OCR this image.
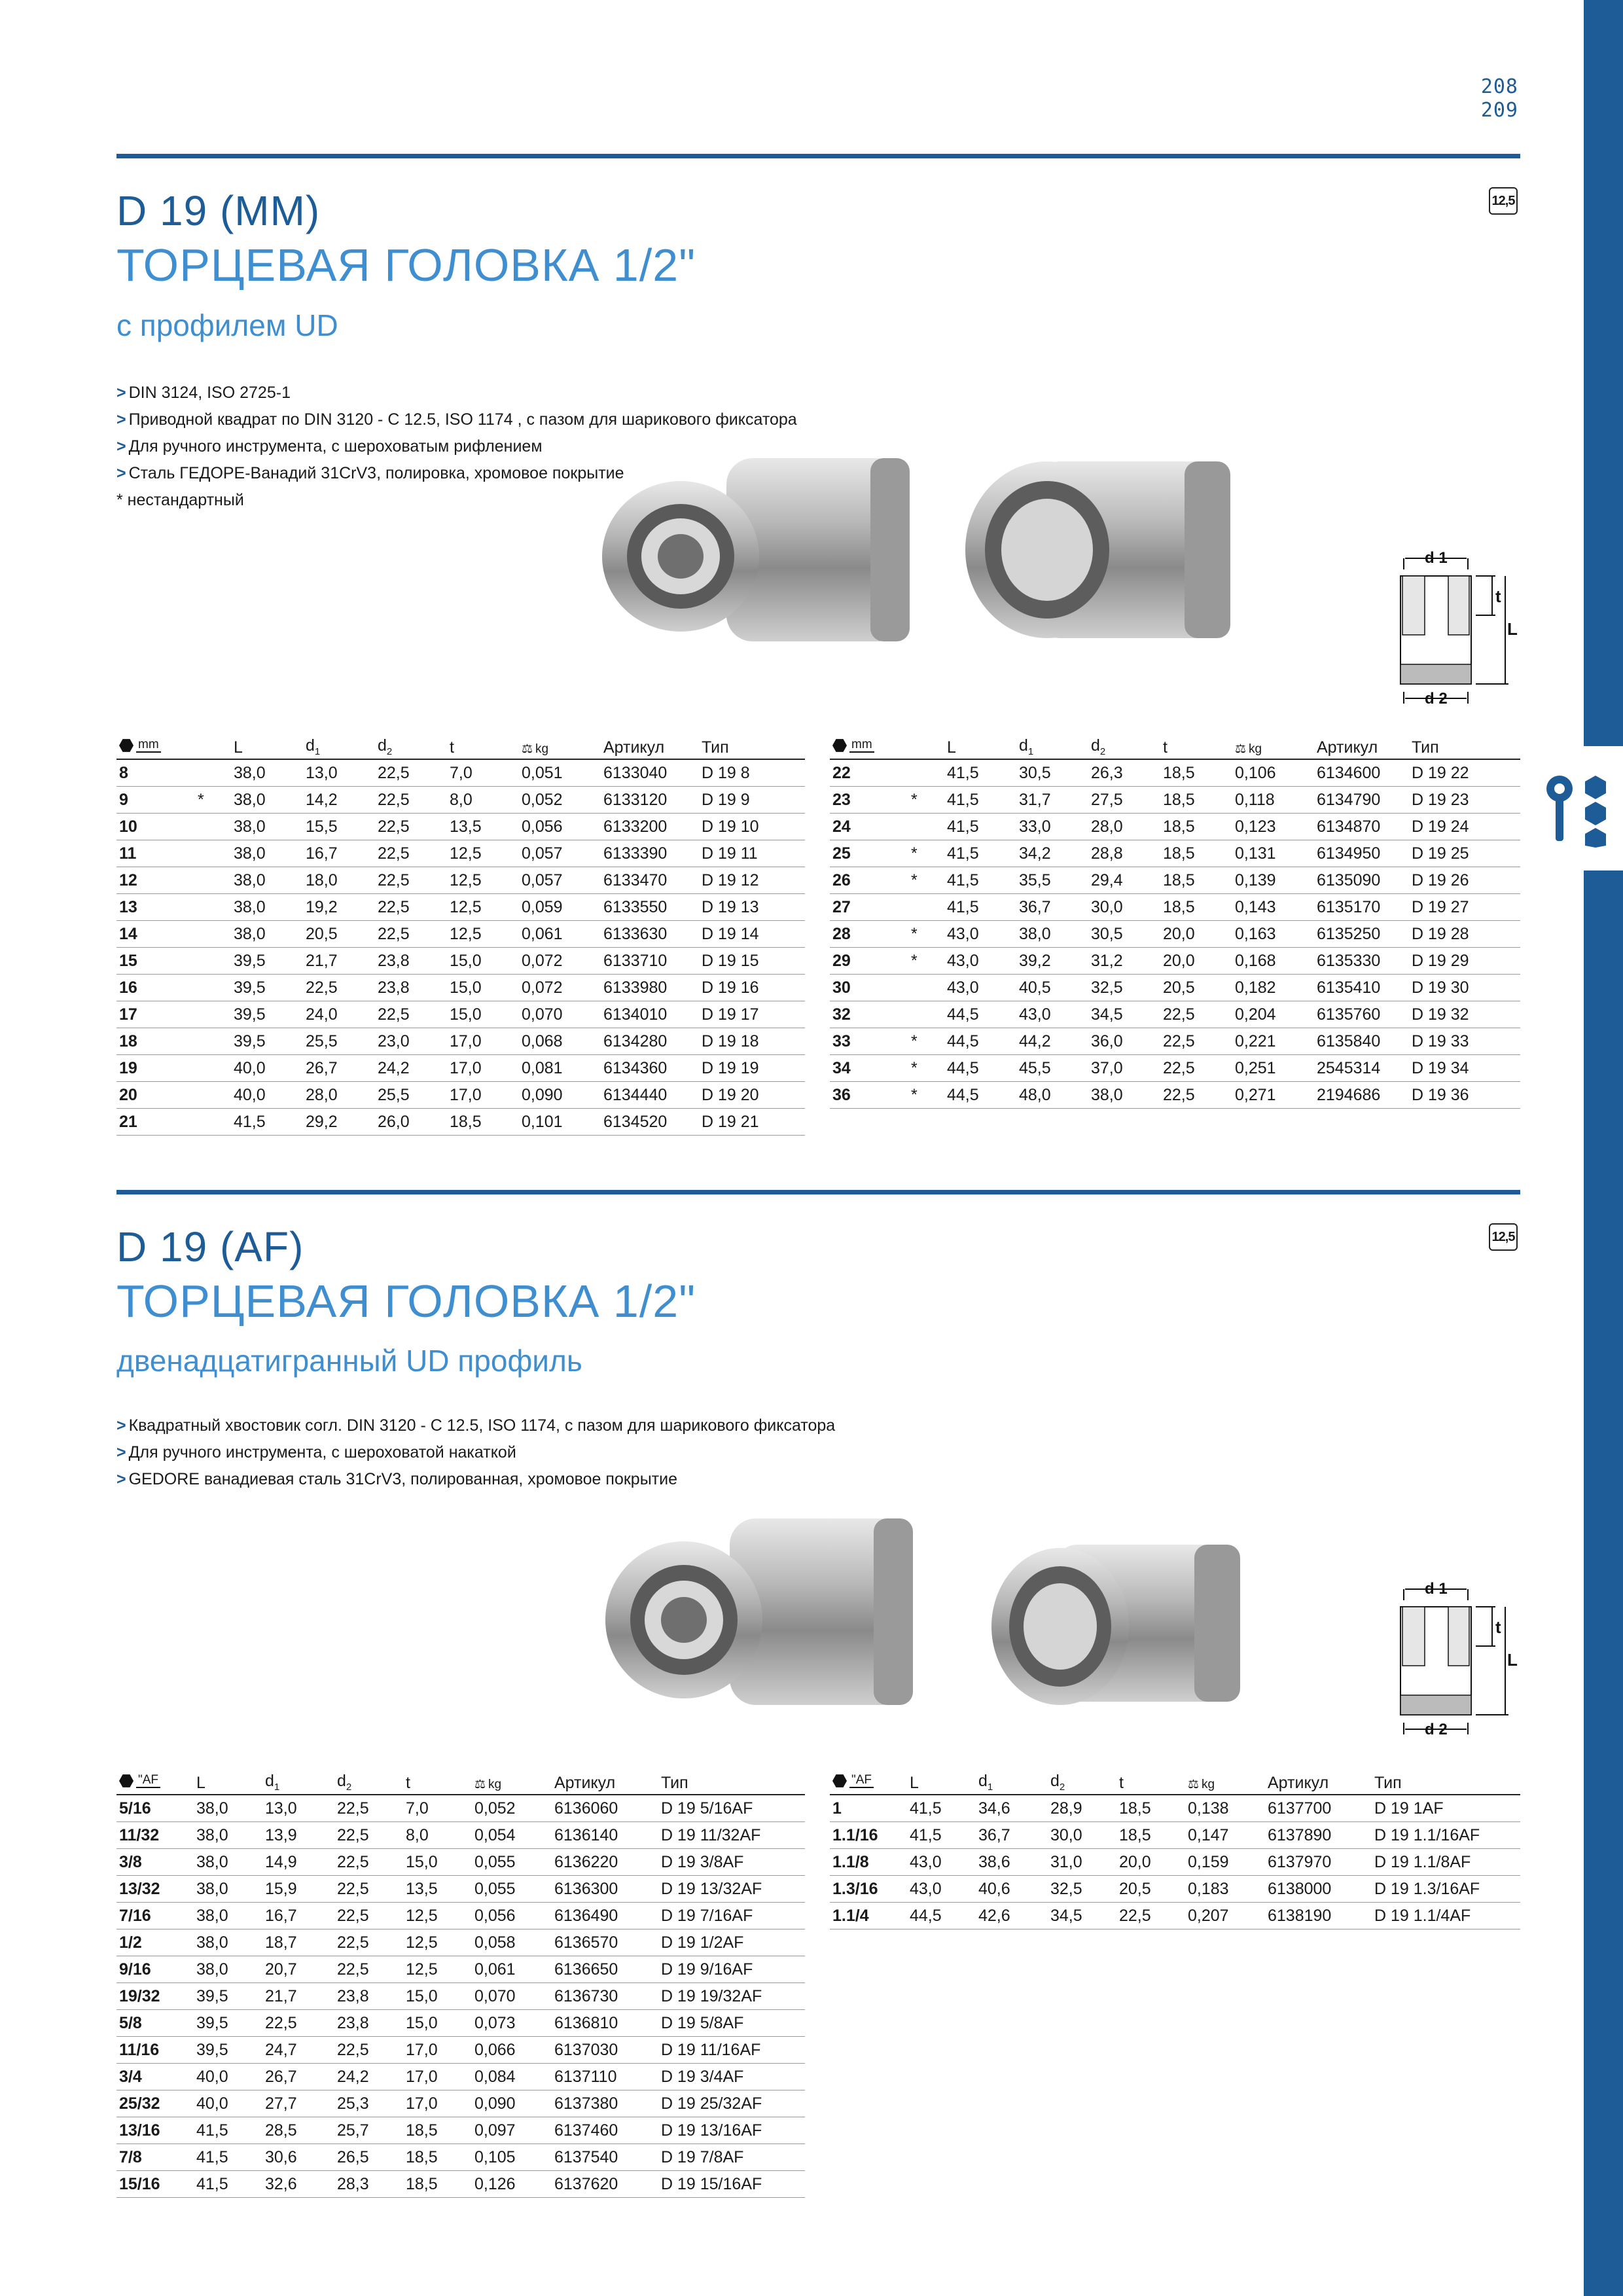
208
209
12,5
D 19 (MM)
ТОРЦЕВАЯ ГОЛОВКА 1/2"
с профилем UD
> DIN 3124, ISO 2725-1
> Приводной квадрат по DIN 3120 - C 12.5, ISO 1174 , с пазом для шарикового фиксатора
> Для ручного инструмента, с шероховатым рифлением
> Сталь ГЕДОРЕ-Ванадий 31CrV3, полировка, хромовое покрытие
* нестандартный
d 1
t
L
d 2
mm		L	$d_1$	$d_2$	t	⚖ kg	Артикул	Тип
8		38,0	13,0	22,5	7,0	0,051	6133040	D 19 8
9	*	38,0	14,2	22,5	8,0	0,052	6133120	D 19 9
10		38,0	15,5	22,5	13,5	0,056	6133200	D 19 10
11		38,0	16,7	22,5	12,5	0,057	6133390	D 19 11
12		38,0	18,0	22,5	12,5	0,057	6133470	D 19 12
13		38,0	19,2	22,5	12,5	0,059	6133550	D 19 13
14		38,0	20,5	22,5	12,5	0,061	6133630	D 19 14
15		39,5	21,7	23,8	15,0	0,072	6133710	D 19 15
16		39,5	22,5	23,8	15,0	0,072	6133980	D 19 16
17		39,5	24,0	22,5	15,0	0,070	6134010	D 19 17
18		39,5	25,5	23,0	17,0	0,068	6134280	D 19 18
19		40,0	26,7	24,2	17,0	0,081	6134360	D 19 19
20		40,0	28,0	25,5	17,0	0,090	6134440	D 19 20
21		41,5	29,2	26,0	18,5	0,101	6134520	D 19 21
mm		L	$d_1$	$d_2$	t	⚖ kg	Артикул	Тип
22		41,5	30,5	26,3	18,5	0,106	6134600	D 19 22
23	*	41,5	31,7	27,5	18,5	0,118	6134790	D 19 23
24		41,5	33,0	28,0	18,5	0,123	6134870	D 19 24
25	*	41,5	34,2	28,8	18,5	0,131	6134950	D 19 25
26	*	41,5	35,5	29,4	18,5	0,139	6135090	D 19 26
27		41,5	36,7	30,0	18,5	0,143	6135170	D 19 27
28	*	43,0	38,0	30,5	20,0	0,163	6135250	D 19 28
29	*	43,0	39,2	31,2	20,0	0,168	6135330	D 19 29
30		43,0	40,5	32,5	20,5	0,182	6135410	D 19 30
32		44,5	43,0	34,5	22,5	0,204	6135760	D 19 32
33	*	44,5	44,2	36,0	22,5	0,221	6135840	D 19 33
34	*	44,5	45,5	37,0	22,5	0,251	2545314	D 19 34
36	*	44,5	48,0	38,0	22,5	0,271	2194686	D 19 36
12,5
D 19 (AF)
ТОРЦЕВАЯ ГОЛОВКА 1/2"
двенадцатигранный UD профиль
> Квадратный хвостовик согл. DIN 3120 - C 12.5, ISO 1174, с пазом для шарикового фиксатора
> Для ручного инструмента, с шероховатой накаткой
> GEDORE ванадиевая сталь 31CrV3, полированная, хромовое покрытие
d 1
t
L
d 2
"AF	L	$d_1$	$d_2$	t	⚖ kg	Артикул	Тип
5/16	38,0	13,0	22,5	7,0	0,052	6136060	D 19 5/16AF
11/32	38,0	13,9	22,5	8,0	0,054	6136140	D 19 11/32AF
3/8	38,0	14,9	22,5	15,0	0,055	6136220	D 19 3/8AF
13/32	38,0	15,9	22,5	13,5	0,055	6136300	D 19 13/32AF
7/16	38,0	16,7	22,5	12,5	0,056	6136490	D 19 7/16AF
1/2	38,0	18,7	22,5	12,5	0,058	6136570	D 19 1/2AF
9/16	38,0	20,7	22,5	12,5	0,061	6136650	D 19 9/16AF
19/32	39,5	21,7	23,8	15,0	0,070	6136730	D 19 19/32AF
5/8	39,5	22,5	23,8	15,0	0,073	6136810	D 19 5/8AF
11/16	39,5	24,7	22,5	17,0	0,066	6137030	D 19 11/16AF
3/4	40,0	26,7	24,2	17,0	0,084	6137110	D 19 3/4AF
25/32	40,0	27,7	25,3	17,0	0,090	6137380	D 19 25/32AF
13/16	41,5	28,5	25,7	18,5	0,097	6137460	D 19 13/16AF
7/8	41,5	30,6	26,5	18,5	0,105	6137540	D 19 7/8AF
15/16	41,5	32,6	28,3	18,5	0,126	6137620	D 19 15/16AF
"AF	L	$d_1$	$d_2$	t	⚖ kg	Артикул	Тип
1	41,5	34,6	28,9	18,5	0,138	6137700	D 19 1AF
1.1/16	41,5	36,7	30,0	18,5	0,147	6137890	D 19 1.1/16AF
1.1/8	43,0	38,6	31,0	20,0	0,159	6137970	D 19 1.1/8AF
1.3/16	43,0	40,6	32,5	20,5	0,183	6138000	D 19 1.3/16AF
1.1/4	44,5	42,6	34,5	22,5	0,207	6138190	D 19 1.1/4AF
